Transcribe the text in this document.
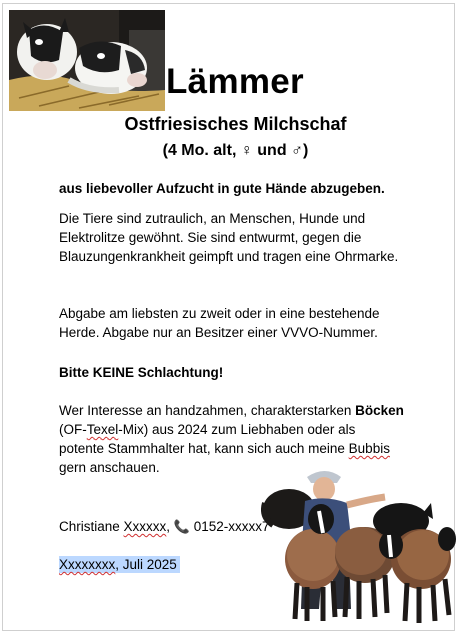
Lämmer
Ostfriesisches Milchschaf

(4 Mo. alt, ♀ und ♂)

aus liebevoller Aufzucht in gute Hände abzugeben.

Die Tiere sind zutraulich, an Menschen, Hunde und Elektrolitze gewöhnt. Sie sind entwurmt, gegen die Blauzungenkrankheit geimpft und tragen eine Ohrmarke.

Abgabe am liebsten zu zweit oder in eine bestehende Herde. Abgabe nur an Besitzer einer VVVO-Nummer.

Bitte KEINE Schlachtung!

Wer Interesse an handzahmen, charakterstarken Böcken (OF-Texel-Mix) aus 2024 zum Liebhaben oder als potente Stammhalter hat, kann sich auch meine Bubbis gern anschauen.

Christiane Xxxxxx, 📞 0152-xxxxx7

Xxxxxxxx, Juli 2025
